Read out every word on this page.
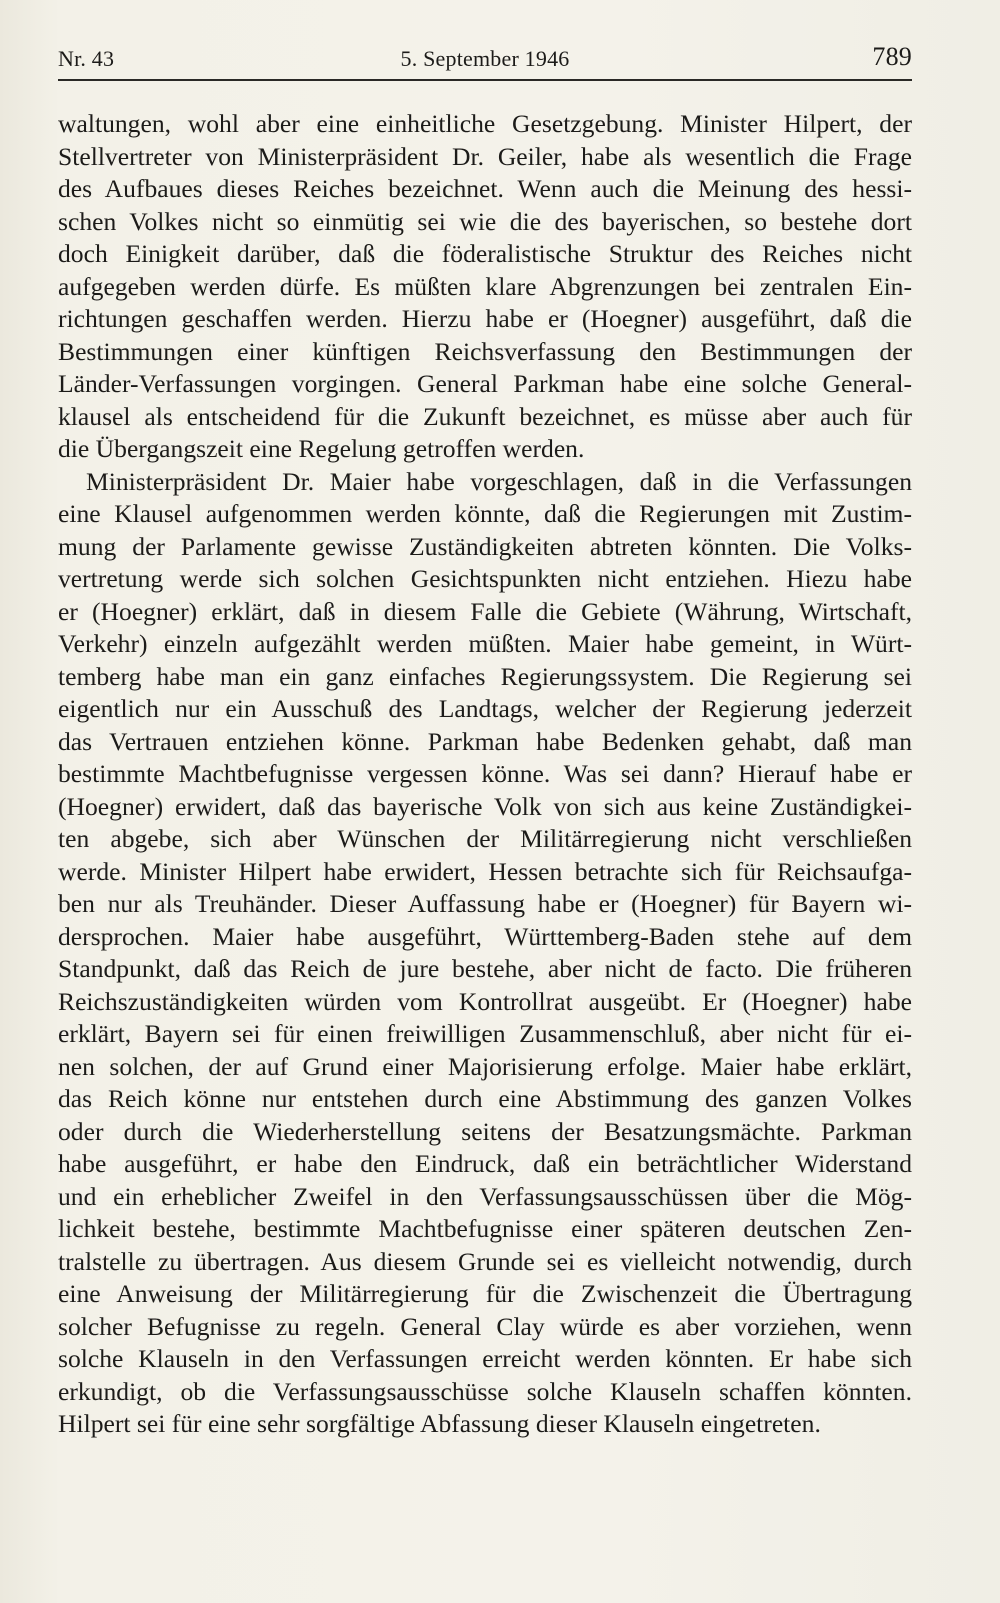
Nr. 43	5. September 1946	789
waltungen, wohl aber eine einheitliche Gesetzgebung. Minister Hilpert, der
Stellvertreter von Ministerpräsident Dr. Geiler, habe als wesentlich die Frage
des Aufbaues dieses Reiches bezeichnet. Wenn auch die Meinung des hessi-
schen Volkes nicht so einmütig sei wie die des bayerischen, so bestehe dort
doch Einigkeit darüber, daß die föderalistische Struktur des Reiches nicht
aufgegeben werden dürfe. Es müßten klare Abgrenzungen bei zentralen Ein-
richtungen geschaffen werden. Hierzu habe er (Hoegner) ausgeführt, daß die
Bestimmungen einer künftigen Reichsverfassung den Bestimmungen der
Länder-Verfassungen vorgingen. General Parkman habe eine solche General-
klausel als entscheidend für die Zukunft bezeichnet, es müsse aber auch für
die Übergangszeit eine Regelung getroffen werden.
Ministerpräsident Dr. Maier habe vorgeschlagen, daß in die Verfassungen
eine Klausel aufgenommen werden könnte, daß die Regierungen mit Zustim-
mung der Parlamente gewisse Zuständigkeiten abtreten könnten. Die Volks-
vertretung werde sich solchen Gesichtspunkten nicht entziehen. Hiezu habe
er (Hoegner) erklärt, daß in diesem Falle die Gebiete (Währung, Wirtschaft,
Verkehr) einzeln aufgezählt werden müßten. Maier habe gemeint, in Würt-
temberg habe man ein ganz einfaches Regierungssystem. Die Regierung sei
eigentlich nur ein Ausschuß des Landtags, welcher der Regierung jederzeit
das Vertrauen entziehen könne. Parkman habe Bedenken gehabt, daß man
bestimmte Machtbefugnisse vergessen könne. Was sei dann? Hierauf habe er
(Hoegner) erwidert, daß das bayerische Volk von sich aus keine Zuständigkei-
ten abgebe, sich aber Wünschen der Militärregierung nicht verschließen
werde. Minister Hilpert habe erwidert, Hessen betrachte sich für Reichsaufga-
ben nur als Treuhänder. Dieser Auffassung habe er (Hoegner) für Bayern wi-
dersprochen. Maier habe ausgeführt, Württemberg-Baden stehe auf dem
Standpunkt, daß das Reich de jure bestehe, aber nicht de facto. Die früheren
Reichszuständigkeiten würden vom Kontrollrat ausgeübt. Er (Hoegner) habe
erklärt, Bayern sei für einen freiwilligen Zusammenschluß, aber nicht für ei-
nen solchen, der auf Grund einer Majorisierung erfolge. Maier habe erklärt,
das Reich könne nur entstehen durch eine Abstimmung des ganzen Volkes
oder durch die Wiederherstellung seitens der Besatzungsmächte. Parkman
habe ausgeführt, er habe den Eindruck, daß ein beträchtlicher Widerstand
und ein erheblicher Zweifel in den Verfassungsausschüssen über die Mög-
lichkeit bestehe, bestimmte Machtbefugnisse einer späteren deutschen Zen-
tralstelle zu übertragen. Aus diesem Grunde sei es vielleicht notwendig, durch
eine Anweisung der Militärregierung für die Zwischenzeit die Übertragung
solcher Befugnisse zu regeln. General Clay würde es aber vorziehen, wenn
solche Klauseln in den Verfassungen erreicht werden könnten. Er habe sich
erkundigt, ob die Verfassungsausschüsse solche Klauseln schaffen könnten.
Hilpert sei für eine sehr sorgfältige Abfassung dieser Klauseln eingetreten.
